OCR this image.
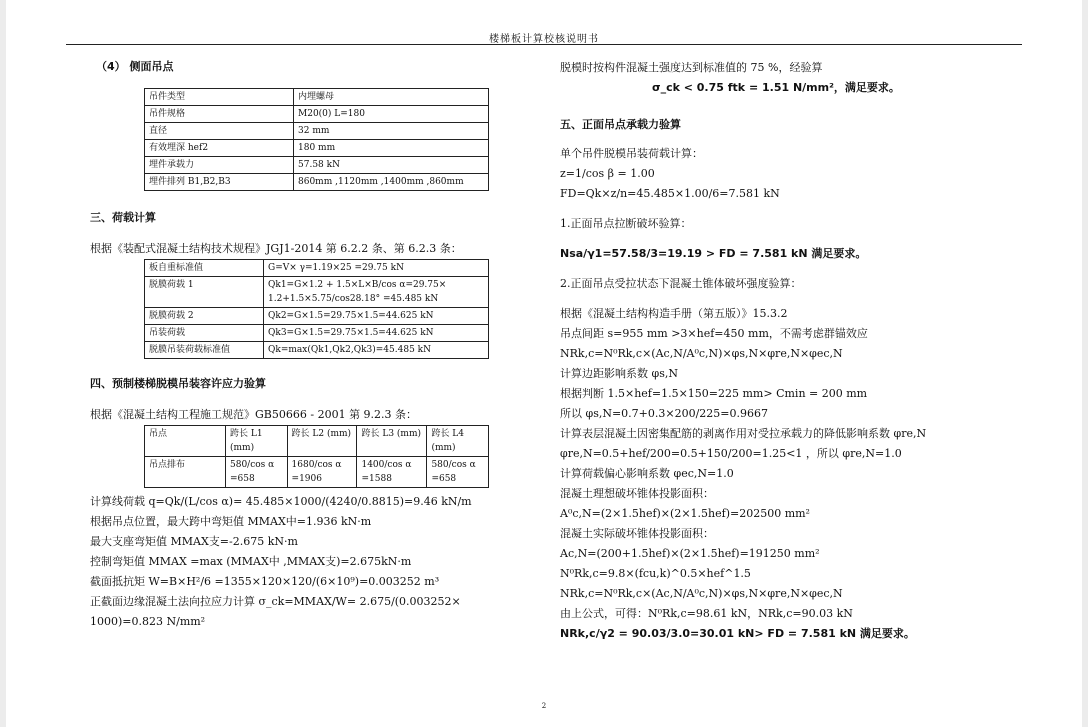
楼梯板计算校核说明书
（4） 侧面吊点
吊件类型	内埋螺母
吊件规格	M20(0) L=180
直径	32 mm
有效埋深 hef2	180 mm
埋件承载力	57.58 kN
埋件排列 B1,B2,B3	860mm ,1120mm ,1400mm ,860mm
三、荷载计算
根据《装配式混凝土结构技术规程》JGJ1-2014 第 6.2.2 条、第 6.2.3 条：
板自重标准值	G=V× γ=1.19×25 =29.75 kN
脱膜荷载 1	Qk1=G×1.2 + 1.5×L×B/cos α=29.75× 1.2+1.5×5.75/cos28.18° =45.485 kN
脱膜荷载 2	Qk2=G×1.5=29.75×1.5=44.625 kN
吊装荷载	Qk3=G×1.5=29.75×1.5=44.625 kN
脱膜吊装荷载标准值	Qk=max(Qk1,Qk2,Qk3)=45.485 kN
四、预制楼梯脱模吊装容许应力验算
根据《混凝土结构工程施工规范》GB50666 - 2001 第 9.2.3 条：
吊点	跨长 L1 (mm)	跨长 L2 (mm)	跨长 L3 (mm)	跨长 L4 (mm)
吊点排布	580/cos α =658	1680/cos α =1906	1400/cos α =1588	580/cos α =658
计算线荷载 q=Qk/(L/cos α)= 45.485×1000/(4240/0.8815)=9.46 kN/m
根据吊点位置，最大跨中弯矩值 MMAX中=1.936 kN·m
最大支座弯矩值 MMAX支=-2.675 kN·m
控制弯矩值 MMAX =max (MMAX中 ,MMAX支)=2.675kN·m
截面抵抗矩 W=B×H²/6 =1355×120×120/(6×10⁹)=0.003252 m³
正截面边缘混凝土法向拉应力计算 σ_ck=MMAX/W= 2.675/(0.003252×
1000)=0.823 N/mm²
脱模时按构件混凝土强度达到标准值的 75 %，经验算
σ_ck < 0.75 ftk = 1.51 N/mm²，满足要求。
五、正面吊点承载力验算
单个吊件脱模吊装荷载计算：
z=1/cos β = 1.00
FD=Qk×z/n=45.485×1.00/6=7.581 kN
1.正面吊点拉断破坏验算：
Nsa/γ1=57.58/3=19.19 > FD = 7.581 kN 满足要求。
2.正面吊点受拉状态下混凝土锥体破坏强度验算：
根据《混凝土结构构造手册（第五版）》15.3.2
吊点间距 s=955 mm >3×hef=450 mm，不需考虑群锚效应
NRk,c=N⁰Rk,c×(Ac,N/A⁰c,N)×φs,N×φre,N×φec,N
计算边距影响系数 φs,N
根据判断 1.5×hef=1.5×150=225 mm> Cmin = 200 mm
所以 φs,N=0.7+0.3×200/225=0.9667
计算表层混凝土因密集配筋的剥离作用对受拉承载力的降低影响系数 φre,N
φre,N=0.5+hef/200=0.5+150/200=1.25<1 ，所以 φre,N=1.0
计算荷载偏心影响系数 φec,N=1.0
混凝土理想破坏锥体投影面积：
A⁰c,N=(2×1.5hef)×(2×1.5hef)=202500 mm²
混凝土实际破坏锥体投影面积：
Ac,N=(200+1.5hef)×(2×1.5hef)=191250 mm²
N⁰Rk,c=9.8×(fcu,k)^0.5×hef^1.5
NRk,c=N⁰Rk,c×(Ac,N/A⁰c,N)×φs,N×φre,N×φec,N
由上公式，可得：N⁰Rk,c=98.61 kN，NRk,c=90.03 kN
NRk,c/γ2 = 90.03/3.0=30.01 kN> FD = 7.581 kN 满足要求。
2
